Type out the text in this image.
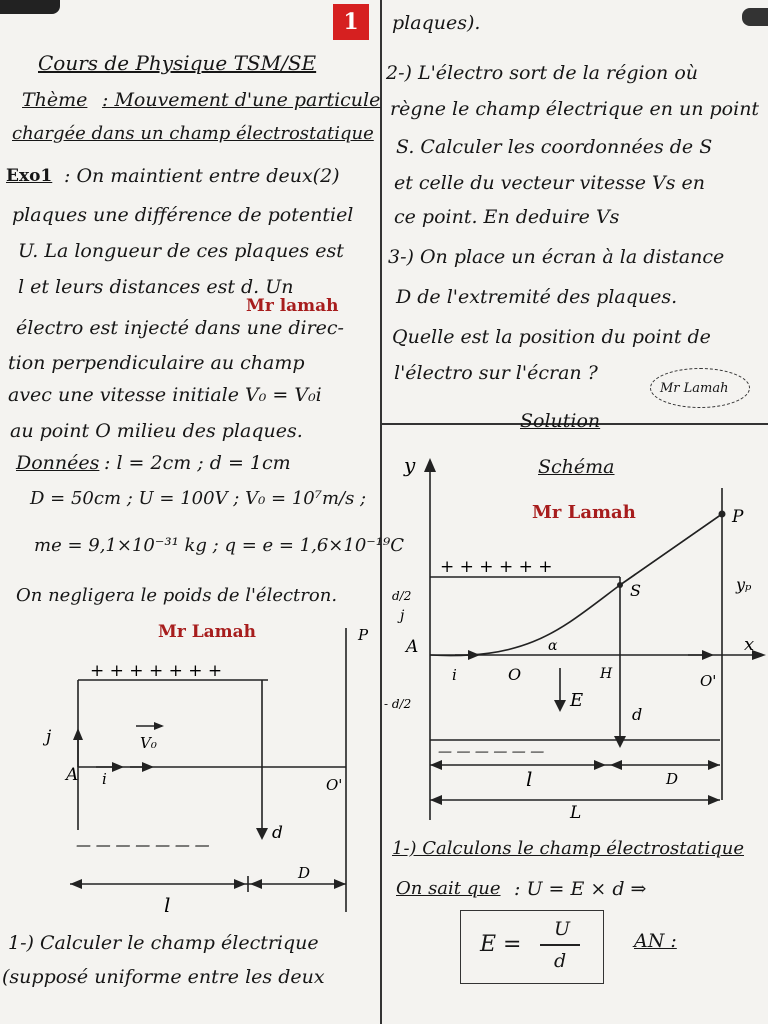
1
Cours de Physique TSM/SE
Thème : Mouvement d'une particule
chargée dans un champ électrostatique
Exo1 : On maintient entre deux(2)
plaques une différence de potentiel
U. La longueur de ces plaques est
l et leurs distances est d. Un
électro est injecté dans une direc-
tion perpendiculaire au champ
avec une vitesse initiale V₀ = V₀i
au point O milieu des plaques.
Données : l = 2cm ; d = 1cm
D = 50cm ; U = 100V ; V₀ = 10⁷m/s ;
me = 9,1×10⁻³¹ kg ; q = e = 1,6×10⁻¹⁹C
On negligera le poids de l'électron.
Mr lamah
Mr Lamah
1-) Calculer le champ électrique
(supposé uniforme entre les deux
plaques).
2-) L'électro sort de la région où
règne le champ électrique en un point
S. Calculer les coordonnées de S
et celle du vecteur vitesse Vs en
ce point. En deduire Vs
3-) On place un écran à la distance
D de l'extremité des plaques.
Quelle est la position du point de
l'électro sur l'écran ?
Mr Lamah
Solution
Schéma
Mr Lamah
1-) Calculons le champ électrostatique
On sait que : U = E × d ⇒
E =
U
d
AN :
+ + + + + + +
— — — — — — —
j	V₀
A i	O'
d
D
l
P
y
x
P
S	yₚ
d/2
- d/2
A
j
i	O
α
E
H	O'
d
l	D
L
+ + + + + +
— — — — — —
